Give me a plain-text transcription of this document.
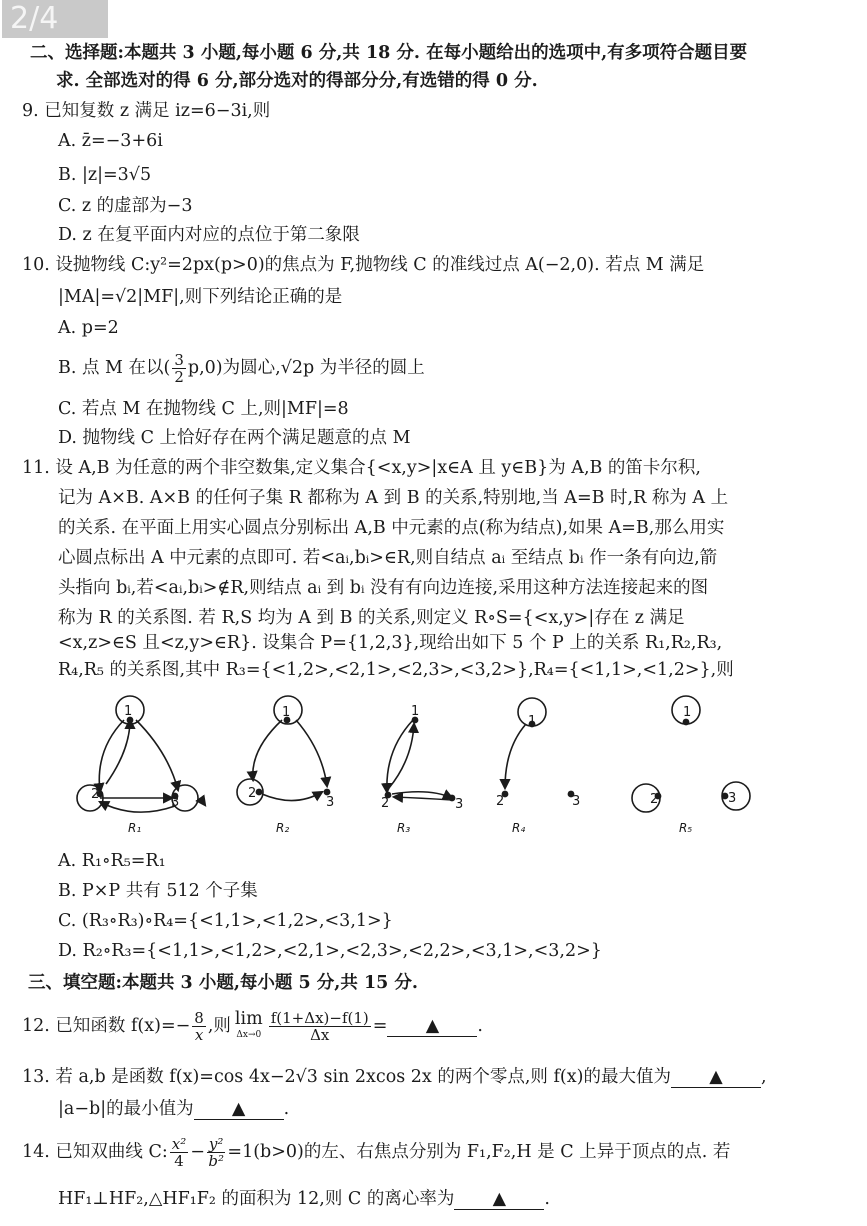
2/4
二、选择题:本题共 3 小题,每小题 6 分,共 18 分. 在每小题给出的选项中,有多项符合题目要
求. 全部选对的得 6 分,部分选对的得部分分,有选错的得 0 分.
9. 已知复数 z 满足 iz=6−3i,则
A. z̄=−3+6i
B. |z|=3√5
C. z 的虚部为−3
D. z 在复平面内对应的点位于第二象限
10. 设抛物线 C:y²=2px(p>0)的焦点为 F,抛物线 C 的准线过点 A(−2,0). 若点 M 满足
|MA|=√2|MF|,则下列结论正确的是
A. p=2
B. 点 M 在以( $\frac{3}{2} p,0$)为圆心,√2p 为半径的圆上
C. 若点 M 在抛物线 C 上,则|MF|=8
D. 抛物线 C 上恰好存在两个满足题意的点 M
11. 设 A,B 为任意的两个非空数集,定义集合{<x,y>|x∈A 且 y∈B}为 A,B 的笛卡尔积,
记为 A×B. A×B 的任何子集 R 都称为 A 到 B 的关系,特别地,当 A=B 时,R 称为 A 上
的关系. 在平面上用实心圆点分别标出 A,B 中元素的点(称为结点),如果 A=B,那么用实
心圆点标出 A 中元素的点即可. 若<aᵢ,bᵢ>∈R,则自结点 aᵢ 至结点 bᵢ 作一条有向边,箭
头指向 bᵢ,若<aᵢ,bᵢ>∉R,则结点 aᵢ 到 bᵢ 没有有向边连接,采用这种方法连接起来的图
称为 R 的关系图. 若 R,S 均为 A 到 B 的关系,则定义 R∘S={<x,y>|存在 z 满足
<x,z>∈S 且<z,y>∈R}. 设集合 P={1,2,3},现给出如下 5 个 P 上的关系 R₁,R₂,R₃,
R₄,R₅ 的关系图,其中 R₃={<1,2>,<2,1>,<2,3>,<3,2>},R₄={<1,1>,<1,2>},则
1
2
3
1
2
3
1
2	3
1
2	3
1
2	3
R₁	R₂	R₃	R₄	R₅
A. R₁∘R₅=R₁
B. P×P 共有 512 个子集
C. (R₃∘R₃)∘R₄={<1,1>,<1,2>,<3,1>}
D. R₂∘R₃={<1,1>,<1,2>,<2,1>,<2,3>,<2,2>,<3,1>,<3,2>}
三、填空题:本题共 3 小题,每小题 5 分,共 15 分.
12. 已知函数 $f(x)=- \frac{8}{x}$ ,则 lim
$\Delta x\to 0 \frac{f(1+\Delta x)-f(1)}{\Delta x}$ = ▲ .
13. 若 a,b 是函数 f(x)=cos 4x−2√3 sin 2xcos 2x 的两个零点,则 f(x)的最大值为 ▲ ,
|a−b|的最小值为 ▲ .
14. 已知双曲线 C: $\frac{\text{x²}}{4} - \frac{\text{y²}}{\text{b²}} =1(b>0)$的左、右焦点分别为 F₁,F₂,H 是 C 上异于顶点的点. 若
HF₁⊥HF₂,△HF₁F₂ 的面积为 12,则 C 的离心率为 ▲ .
